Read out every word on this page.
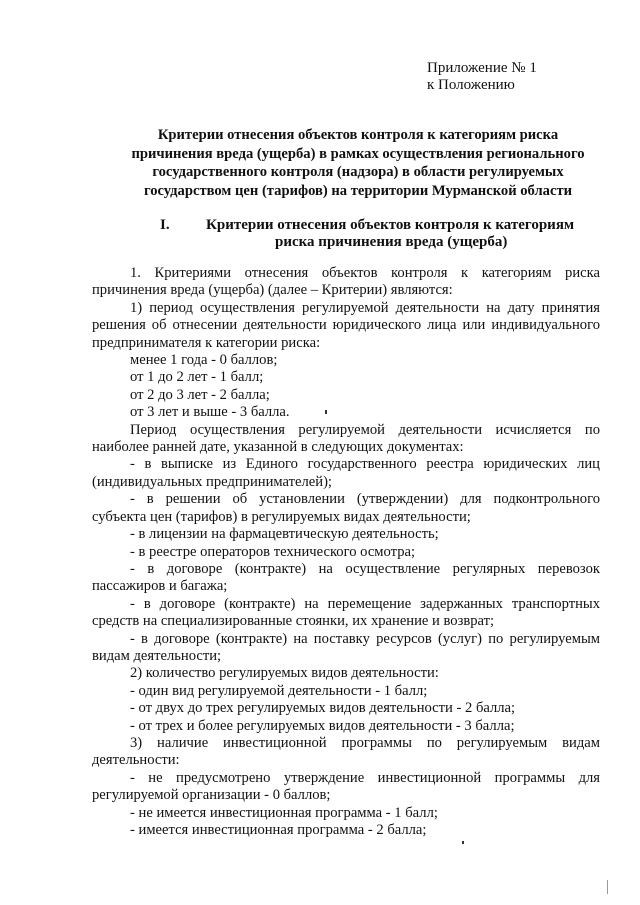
Приложение № 1
к Положению
Критерии отнесения объектов контроля к категориям риска
причинения вреда (ущерба) в рамках осуществления регионального
государственного контроля (надзора) в области регулируемых
государством цен (тарифов) на территории Мурманской области
I. Критерии отнесения объектов контроля к категориям
риска причинения вреда (ущерба)

1. Критериями отнесения объектов контроля к категориям риска причинения вреда (ущерба) (далее – Критерии) являются:

1) период осуществления регулируемой деятельности на дату принятия решения об отнесении деятельности юридического лица или индивидуального предпринимателя к категории риска:

менее 1 года - 0 баллов;

от 1 до 2 лет - 1 балл;

от 2 до 3 лет - 2 балла;

от 3 лет и выше - 3 балла.

Период осуществления регулируемой деятельности исчисляется по наиболее ранней дате, указанной в следующих документах:

- в выписке из Единого государственного реестра юридических лиц (индивидуальных предпринимателей);

- в решении об установлении (утверждении) для подконтрольного субъекта цен (тарифов) в регулируемых видах деятельности;

- в лицензии на фармацевтическую деятельность;

- в реестре операторов технического осмотра;

- в договоре (контракте) на осуществление регулярных перевозок пассажиров и багажа;

- в договоре (контракте) на перемещение задержанных транспортных средств на специализированные стоянки, их хранение и возврат;

- в договоре (контракте) на поставку ресурсов (услуг) по регулируемым видам деятельности;

2) количество регулируемых видов деятельности:

- один вид регулируемой деятельности - 1 балл;

- от двух до трех регулируемых видов деятельности - 2 балла;

- от трех и более регулируемых видов деятельности - 3 балла;

3) наличие инвестиционной программы по регулируемым видам деятельности:

- не предусмотрено утверждение инвестиционной программы для регулируемой организации - 0 баллов;

- не имеется инвестиционная программа - 1 балл;

- имеется инвестиционная программа - 2 балла;
